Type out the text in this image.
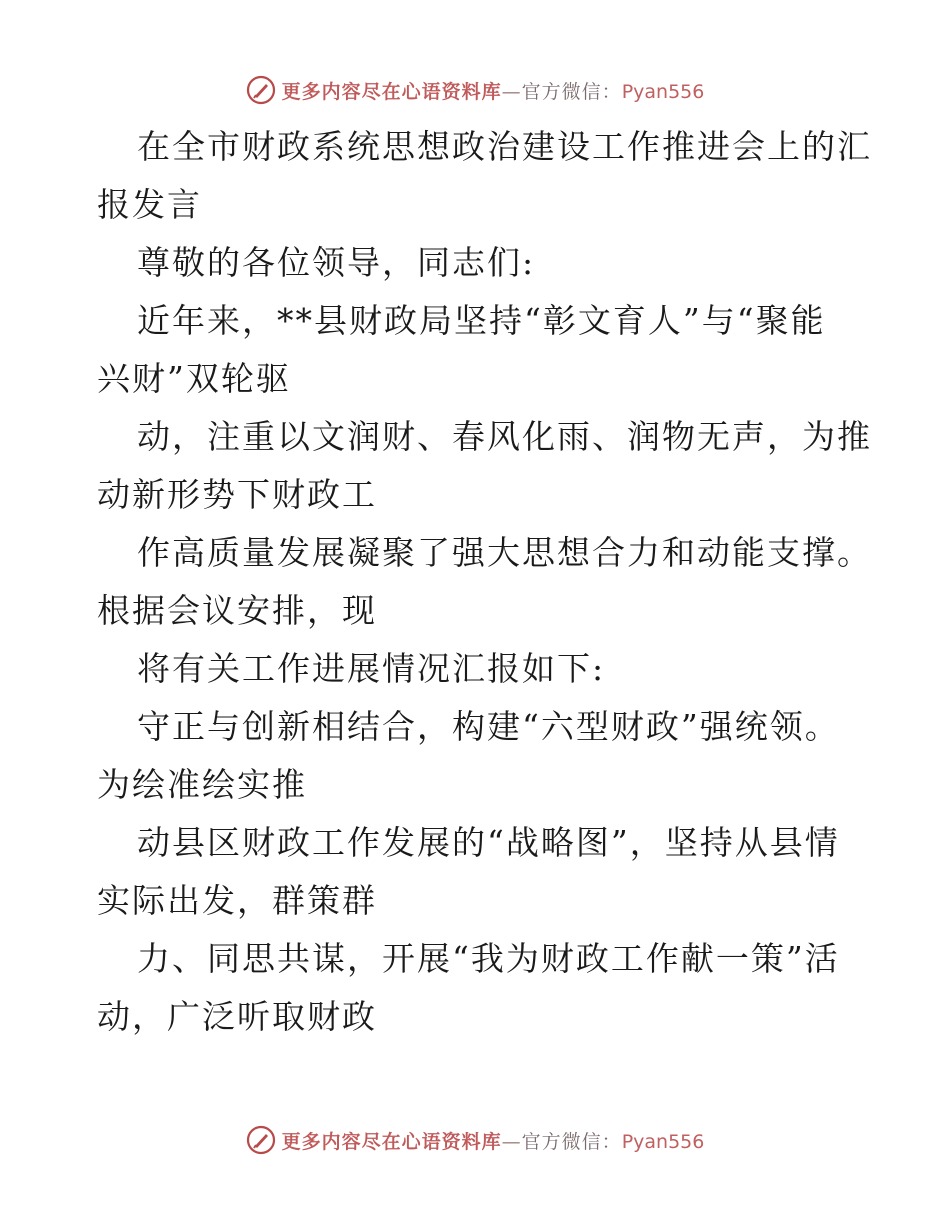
更多内容尽在心语资料库—官方微信：Pyan556
在全市财政系统思想政治建设工作推进会上的汇
报发言
尊敬的各位领导，同志们:
近年来，**县财政局坚持“彰文育人”与“聚能
兴财”双轮驱
动，注重以文润财、春风化雨、润物无声，为推
动新形势下财政工
作高质量发展凝聚了强大思想合力和动能支撑。
根据会议安排，现
将有关工作进展情况汇报如下:
守正与创新相结合，构建“六型财政”强统领。
为绘准绘实推
动县区财政工作发展的“战略图”，坚持从县情
实际出发，群策群
力、同思共谋，开展“我为财政工作献一策”活
动，广泛听取财政
更多内容尽在心语资料库—官方微信：Pyan556
